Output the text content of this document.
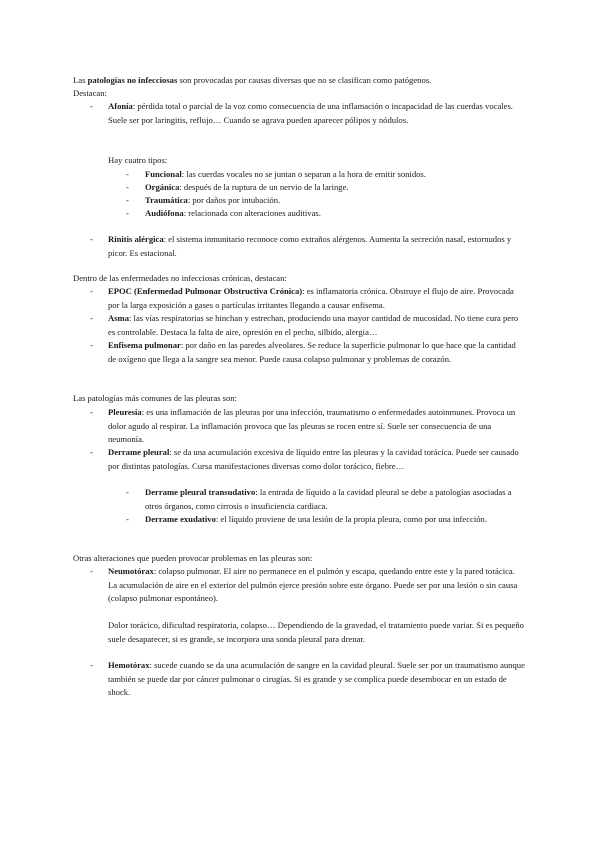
Las patologías no infecciosas son provocadas por causas diversas que no se clasifican como patógenos.
Destacan:

-	Afonía: pérdida total o parcial de la voz como consecuencia de una inflamación o incapacidad de las cuerdas vocales. Suele ser por laringitis, reflujo… Cuando se agrava pueden aparecer pólipos y nódulos.

Hay cuatro tipos:

-	Funcional: las cuerdas vocales no se juntan o separan a la hora de emitir sonidos.

-	Orgánica: después de la ruptura de un nervio de la laringe.

-	Traumática: por daños por intubación.

-	Audiófona: relacionada con alteraciones auditivas.

-	Rinitis alérgica: el sistema inmunitario reconoce como extraños alérgenos. Aumenta la secreción nasal, estornudos y picor. Es estacional.

Dentro de las enfermedades no infecciosas crónicas, destacan:

-	EPOC (Enfermedad Pulmonar Obstructiva Crónica): es inflamatoria crónica. Obstruye el flujo de aire. Provocada por la larga exposición a gases o partículas irritantes llegando a causar enfisema.

-	Asma: las vías respiratorias se hinchan y estrechan, produciendo una mayor cantidad de mucosidad. No tiene cura pero es controlable. Destaca la falta de aire, opresión en el pecho, silbido, alergia…

-	Enfisema pulmonar: por daño en las paredes alveolares. Se reduce la superficie pulmonar lo que hace que la cantidad de oxígeno que llega a la sangre sea menor. Puede causa colapso pulmonar y problemas de corazón.

Las patologías más comunes de las pleuras son:

-	Pleuresía: es una inflamación de las pleuras por una infección, traumatismo o enfermedades autoinmunes. Provoca un dolor agudo al respirar. La inflamación provoca que las pleuras se rocen entre sí. Suele ser consecuencia de una neumonía.

-	Derrame pleural: se da una acumulación excesiva de líquido entre las pleuras y la cavidad torácica. Puede ser causado por distintas patologías. Cursa manifestaciones diversas como dolor torácico, fiebre…

-	Derrame pleural transudativo: la entrada de líquido a la cavidad pleural se debe a patologías asociadas a otros órganos, como cirrosis o insuficiencia cardiaca.

-	Derrame exudativo: el líquido proviene de una lesión de la propia pleura, como por una infección.

Otras alteraciones que pueden provocar problemas en las pleuras son:

-	Neumotórax: colapso pulmonar. El aire no permanece en el pulmón y escapa, quedando entre este y la pared torácica. La acumulación de aire en el exterior del pulmón ejerce presión sobre este órgano. Puede ser por una lesión o sin causa (colapso pulmonar espontáneo).

Dolor torácico, dificultad respiratoria, colapso… Dependiendo de la gravedad, el tratamiento puede variar. Si es pequeño suele desaparecer, si es grande, se incorpora una sonda pleural para drenar.

-	Hemotórax: sucede cuando se da una acumulación de sangre en la cavidad pleural. Suele ser por un traumatismo aunque también se puede dar por cáncer pulmonar o cirugías. Si es grande y se complica puede desembocar en un estado de shock.
